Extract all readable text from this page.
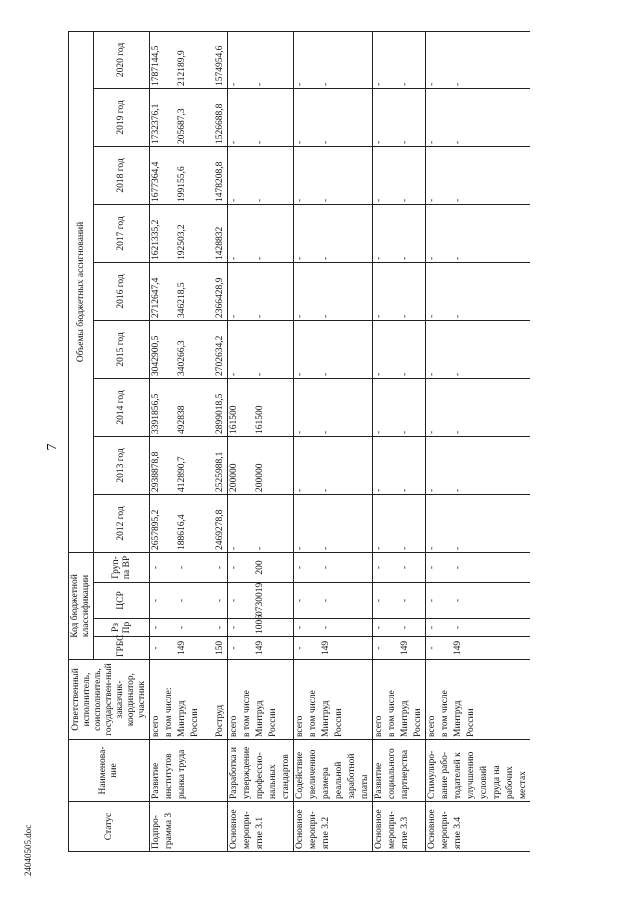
7
Статус	Наименова-ние	Ответственный исполнитель, соисполнитель, государствен-ный заказчик-координатор, участник	Код бюджетной классификации				Объемы бюджетных ассигнований								
			ГРБС	Рз Пр	ЦСР	Груп-па ВР	2012 год	2013 год	2014 год	2015 год	2016 год	2017 год	2018 год	2019 год	2020 год
Подпро-	Развитие	всего	-	-	-	-	2657895,2	2938878,8	3391856,5	3042900,5	2712647,4	1621335,2	1677364,4	1732376,1	1787144,5
грамма 3	институтов	в том числе:													
	рынка труда	Минтруд	149	-	-	-	188616,4	412890,7	492838	340266,3	346218,5	192503,2	199155,6	205687,3	212189,9
		России													

		Роструд	150	-	-	-	2469278,8	2525988,1	2899018,5	2702634,2	2366428,9	1428832	1478208,8	1526688,8	1574954,6
Основное	Разработка и	всего	-	-	-	-	-	200000	161500	-	-	-	-	-	-
меропри-	утверждение	в том числе													
ятие 3.1	профессио-	Минтруд	149	1006	0730019	200	-	200000	161500	-	-	-	-	-	-
	нальных	России													
	стандартов														
Основное	Содействие	всего	-	-	-	-	-	-	-	-	-	-	-	-	-
меропри-	увеличению	в том числе													
ятие 3.2	размера	Минтруд	149	-	-	-	-	-	-	-	-	-	-	-	-
	реальной	России													
	заработной														
	платы														
Основное	Развитие	всего	-	-	-	-	-	-	-	-	-	-	-	-	-
меропри-	социального	в том числе													
ятие 3.3	партнерства	Минтруд	149	-	-	-	-	-	-	-	-	-	-	-	-
		России													
Основное	Стимулиро-	всего	-	-	-	-	-	-	-	-	-	-	-	-	-
меропри-	вание рабо-	в том числе													
ятие 3.4	тодателей к	Минтруд	149	-	-	-	-	-	-	-	-	-	-	-	-
	улучшению	России													
	условий														
	труда на														
	рабочих														
	местах														
24040505.doc
